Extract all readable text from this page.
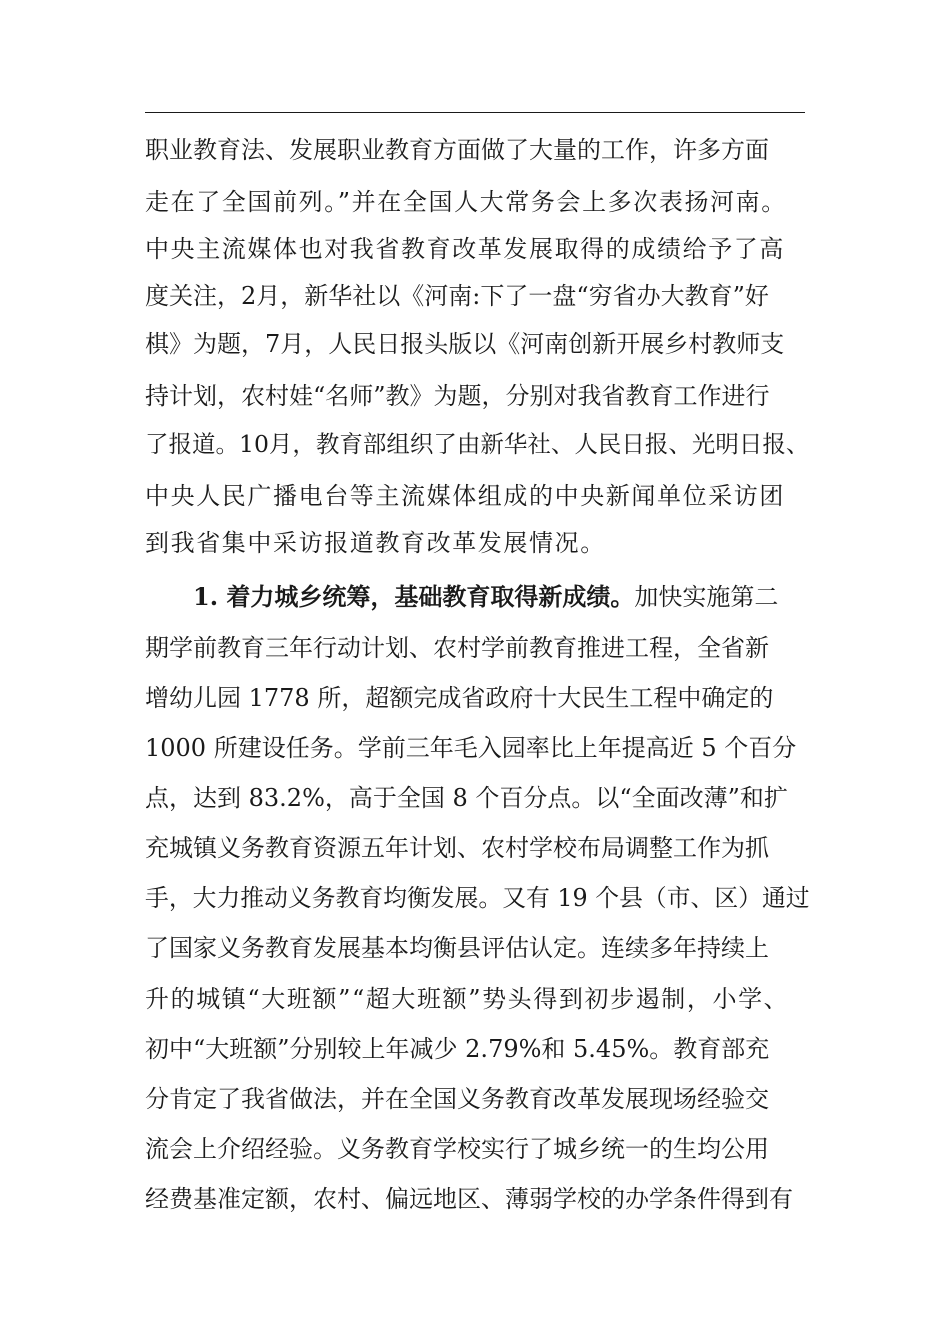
职业教育法、发展职业教育方面做了大量的工作，许多方面

走在了全国前列。”并在全国人大常务会上多次表扬河南。

中央主流媒体也对我省教育改革发展取得的成绩给予了高

度关注，2月，新华社以《河南:下了一盘“穷省办大教育”好

棋》为题，7月，人民日报头版以《河南创新开展乡村教师支

持计划，农村娃“名师”教》为题，分别对我省教育工作进行

了报道。10月，教育部组织了由新华社、人民日报、光明日报、

中央人民广播电台等主流媒体组成的中央新闻单位采访团

到我省集中采访报道教育改革发展情况。

1. 着力城乡统筹，基础教育取得新成绩。加快实施第二

期学前教育三年行动计划、农村学前教育推进工程，全省新

增幼儿园 1778 所，超额完成省政府十大民生工程中确定的

1000 所建设任务。学前三年毛入园率比上年提高近 5 个百分

点，达到 83.2%，高于全国 8 个百分点。以“全面改薄”和扩

充城镇义务教育资源五年计划、农村学校布局调整工作为抓

手，大力推动义务教育均衡发展。又有 19 个县（市、区）通过

了国家义务教育发展基本均衡县评估认定。连续多年持续上

升的城镇“大班额”“超大班额”势头得到初步遏制，小学、

初中“大班额”分别较上年减少 2.79%和 5.45%。教育部充

分肯定了我省做法，并在全国义务教育改革发展现场经验交

流会上介绍经验。义务教育学校实行了城乡统一的生均公用

经费基准定额，农村、偏远地区、薄弱学校的办学条件得到有
